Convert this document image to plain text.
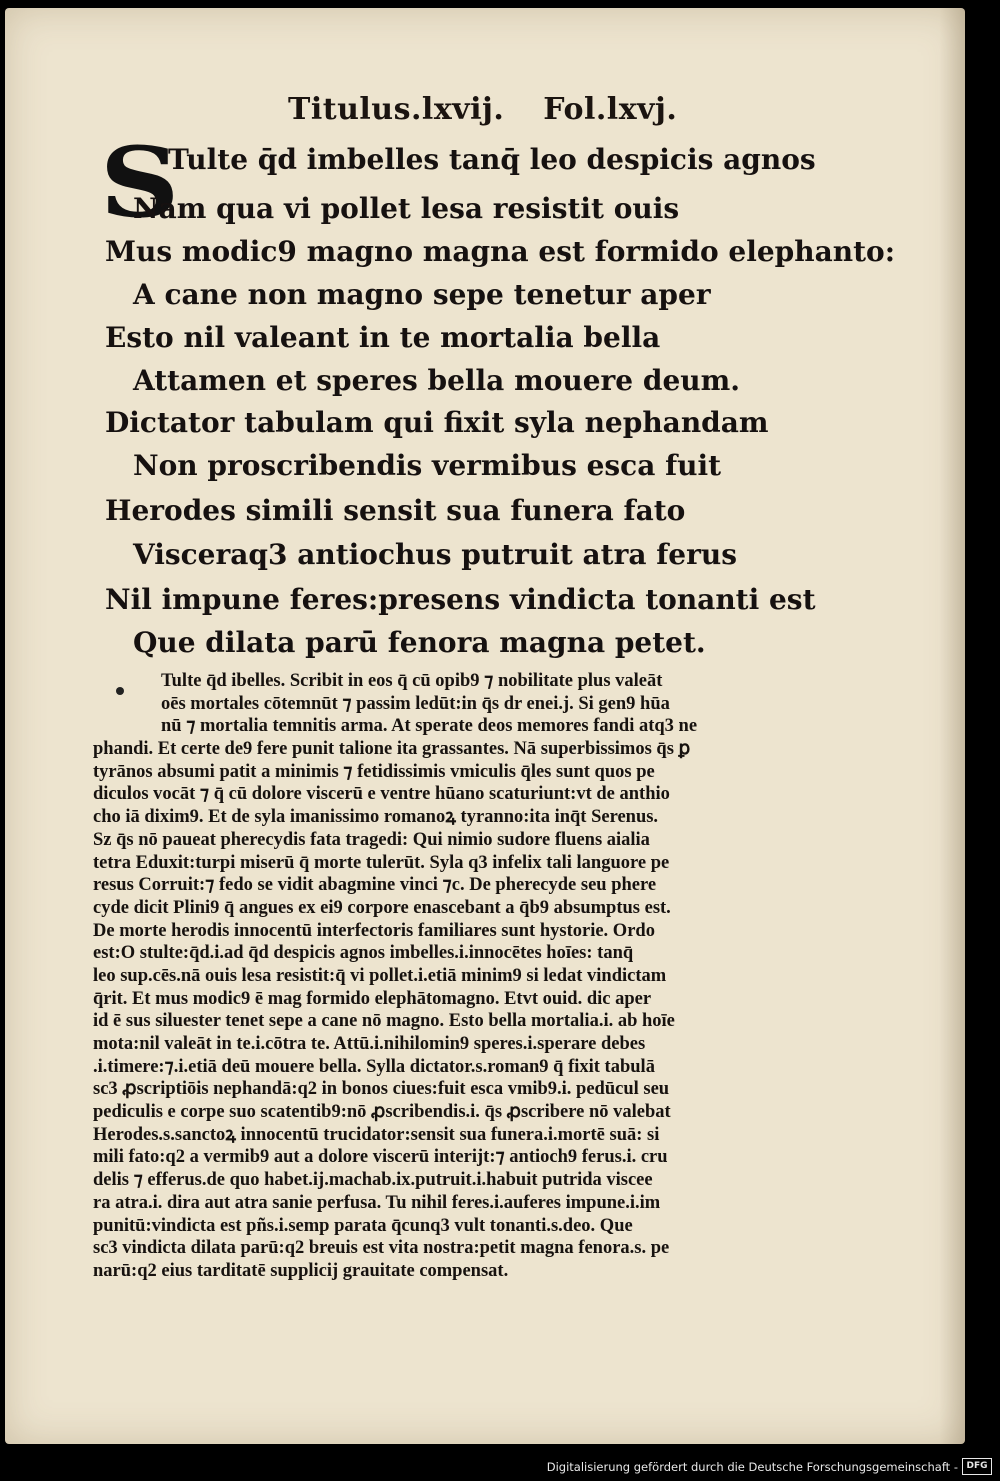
Titulus.lxvij. Fol.lxvj.
S
Tulte q̄d imbelles tanq̄ leo despicis agnos
Nam qua vi pollet lesa resistit ouis
Mus modic9 magno magna est formido elephanto:
A cane non magno sepe tenetur aper
Esto nil valeant in te mortalia bella
Attamen et speres bella mouere deum.
Dictator tabulam qui fixit syla nephandam
Non proscribendis vermibus esca fuit
Herodes simili sensit sua funera fato
Visceraq3 antiochus putruit atra ferus
Nil impune feres:presens vindicta tonanti est
Que dilata parū fenora magna petet.
Tulte q̄d ibelles. Scribit in eos q̄ cū opib9 ⁊ nobilitate plus valeāt
oēs mortales cōtemnūt ⁊ passim ledūt:in q̄s dr enei.j. Si gen9 hūa
nū ⁊ mortalia temnitis arma. At sperate deos memores fandi atq3 ne
phandi. Et certe de9 fere punit talione ita grassantes. Nā superbissimos q̄s ꝑ
tyrānos absumi patit a minimis ⁊ fetidissimis vmiculis q̄les sunt quos pe
diculos vocāt ⁊ q̄ cū dolore viscerū e ventre hūano scaturiunt:vt de anthio
cho iā dixim9. Et de syla imanissimo romanoꝝ tyranno:ita inq̄t Serenus.
Sz q̄s nō paueat pherecydis fata tragedi: Qui nimio sudore fluens aialia
tetra Eduxit:turpi miserū q̄ morte tulerūt. Syla q3 infelix tali languore pe
resus Corruit:⁊ fedo se vidit abagmine vinci ⁊c. De pherecyde seu phere
cyde dicit Plini9 q̄ angues ex ei9 corpore enascebant a q̄b9 absumptus est.
De morte herodis innocentū interfectoris familiares sunt hystorie. Ordo
est:O stulte:q̄d.i.ad q̄d despicis agnos imbelles.i.innocētes hoīes: tanq̄
leo sup.cēs.nā ouis lesa resistit:q̄ vi pollet.i.etiā minim9 si ledat vindictam
q̄rit. Et mus modic9 ē mag formido elephātomagno. Etvt ouid. dic aper
id ē sus siluester tenet sepe a cane nō magno. Esto bella mortalia.i. ab hoīe
mota:nil valeāt in te.i.cōtra te. Attū.i.nihilomin9 speres.i.sperare debes
.i.timere:⁊.i.etiā deū mouere bella. Sylla dictator.s.roman9 q̄ fixit tabulā
sc3 ꝓscriptiōis nephandā:q2 in bonos ciues:fuit esca vmib9.i. pedūcul seu
pediculis e corpe suo scatentib9:nō ꝓscribendis.i. q̄s ꝓscribere nō valebat
Herodes.s.sanctoꝝ innocentū trucidator:sensit sua funera.i.mortē suā: si
mili fato:q2 a vermib9 aut a dolore viscerū interijt:⁊ antioch9 ferus.i. cru
delis ⁊ efferus.de quo habet.ij.machab.ix.putruit.i.habuit putrida viscee
ra atra.i. dira aut atra sanie perfusa. Tu nihil feres.i.auferes impune.i.im
punitū:vindicta est pñs.i.semp parata q̄cunq3 vult tonanti.s.deo. Que
sc3 vindicta dilata parū:q2 breuis est vita nostra:petit magna fenora.s. pe
narū:q2 eius tarditatē supplicij grauitate compensat.
Digitalisierung gefördert durch die Deutsche Forschungsgemeinschaft - DFG
